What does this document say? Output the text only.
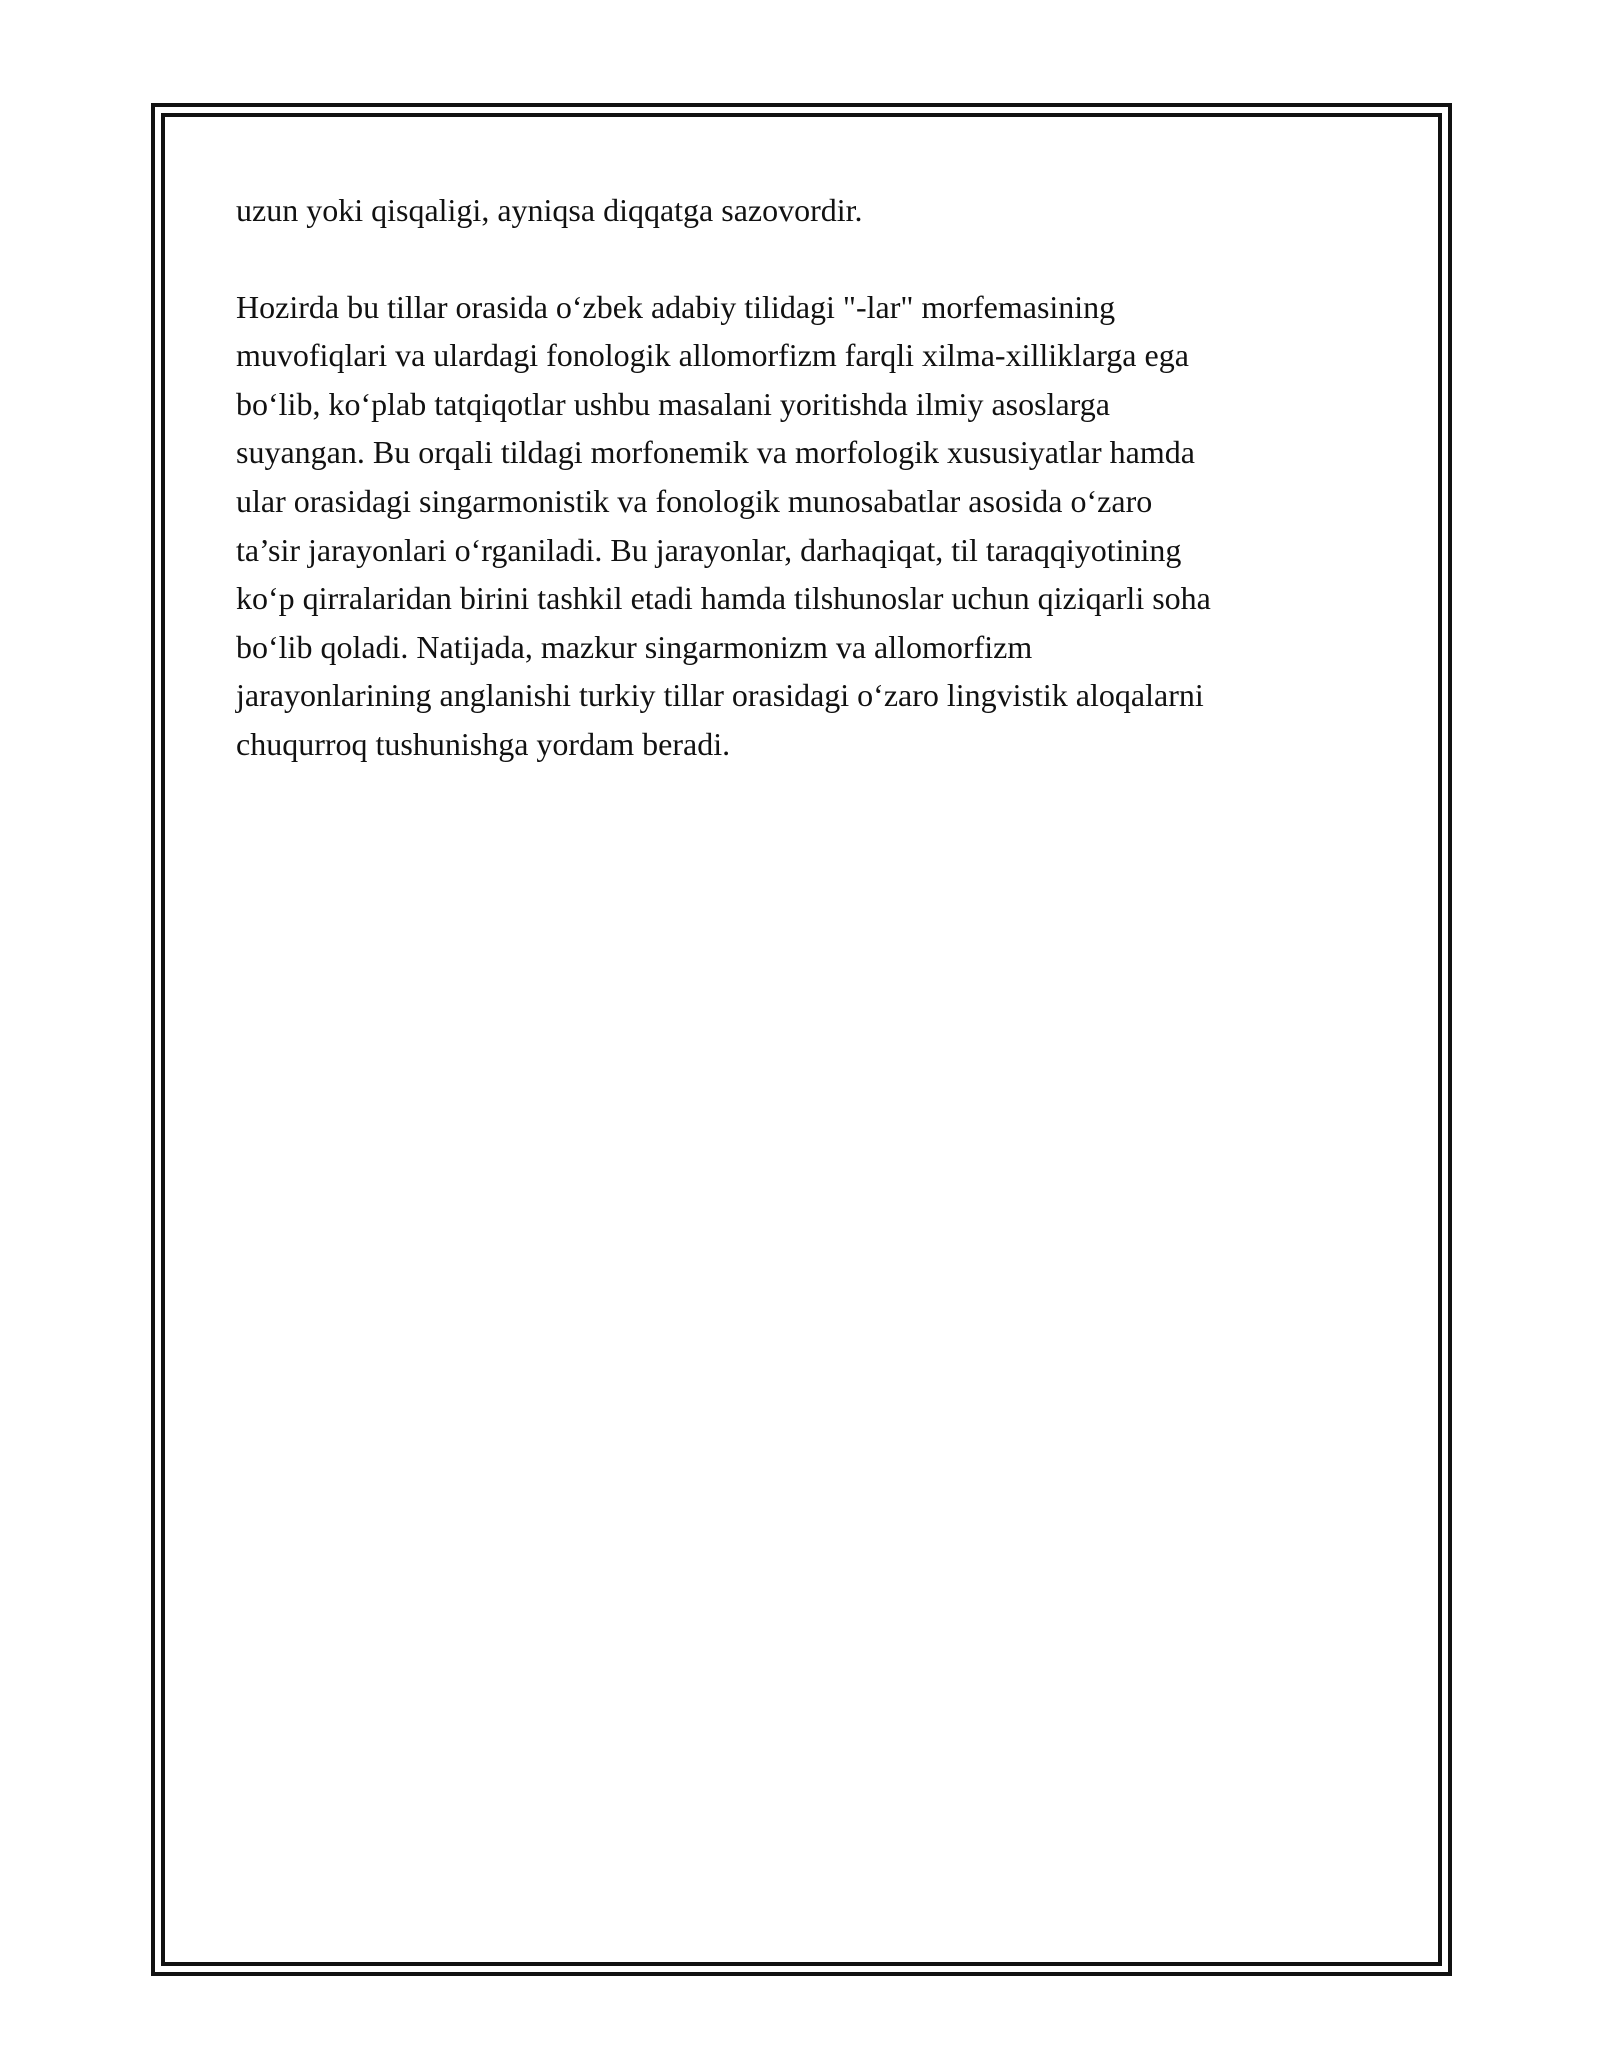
uzun yoki qisqaligi, ayniqsa diqqatga sazovordir.

Hozirda bu tillar orasida o‘zbek adabiy tilidagi "-lar" morfemasining
muvofiqlari va ulardagi fonologik allomorfizm farqli xilma-xilliklarga ega
bo‘lib, ko‘plab tatqiqotlar ushbu masalani yoritishda ilmiy asoslarga
suyangan. Bu orqali tildagi morfonemik va morfologik xususiyatlar hamda
ular orasidagi singarmonistik va fonologik munosabatlar asosida o‘zaro
ta’sir jarayonlari o‘rganiladi. Bu jarayonlar, darhaqiqat, til taraqqiyotining
ko‘p qirralaridan birini tashkil etadi hamda tilshunoslar uchun qiziqarli soha
bo‘lib qoladi. Natijada, mazkur singarmonizm va allomorfizm
jarayonlarining anglanishi turkiy tillar orasidagi o‘zaro lingvistik aloqalarni
chuqurroq tushunishga yordam beradi.
